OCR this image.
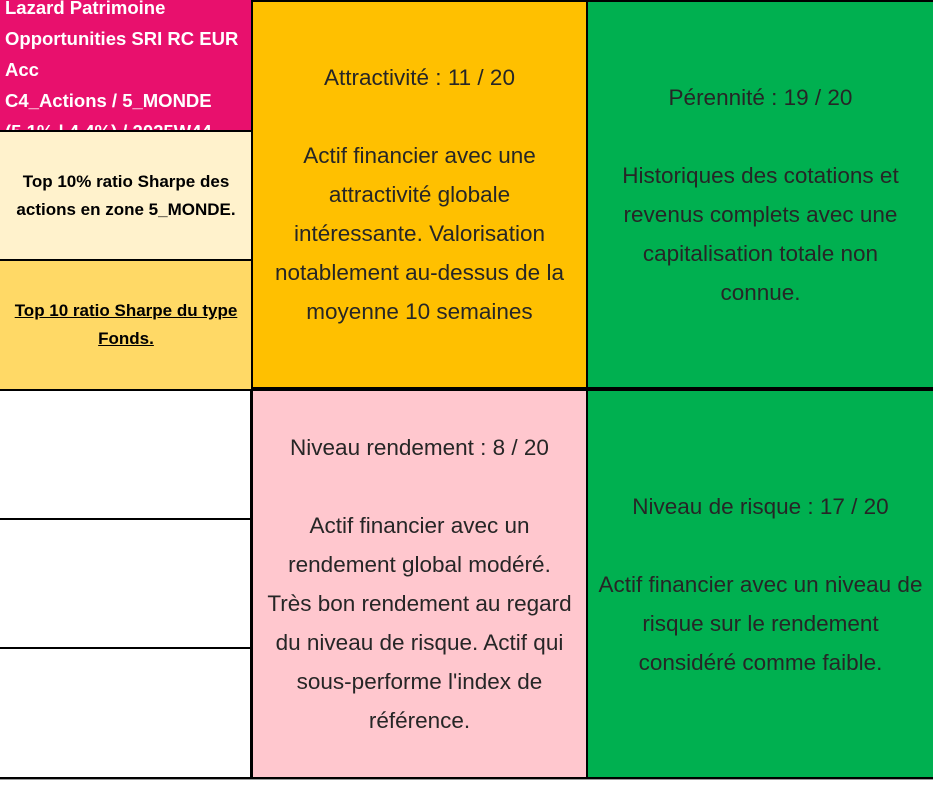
Lazard Patrimoine
Opportunities SRI RC EUR
Acc
C4_Actions / 5_MONDE
Top 10% ratio Sharpe des actions en zone 5_MONDE.
Top 10 ratio Sharpe du type Fonds.
Attractivité : 11 / 20
Actif financier avec une
attractivité globale
intéressante. Valorisation
notablement au-dessus de la
moyenne 10 semaines
Pérennité : 19 / 20
Historiques des cotations et
revenus complets avec une
capitalisation totale non
connue.
Niveau rendement : 8 / 20
Actif financier avec un
rendement global modéré.
Très bon rendement au regard
du niveau de risque. Actif qui
sous-performe l'index de
référence.
Niveau de risque : 17 / 20
Actif financier avec un niveau de
risque sur le rendement
considéré comme faible.
